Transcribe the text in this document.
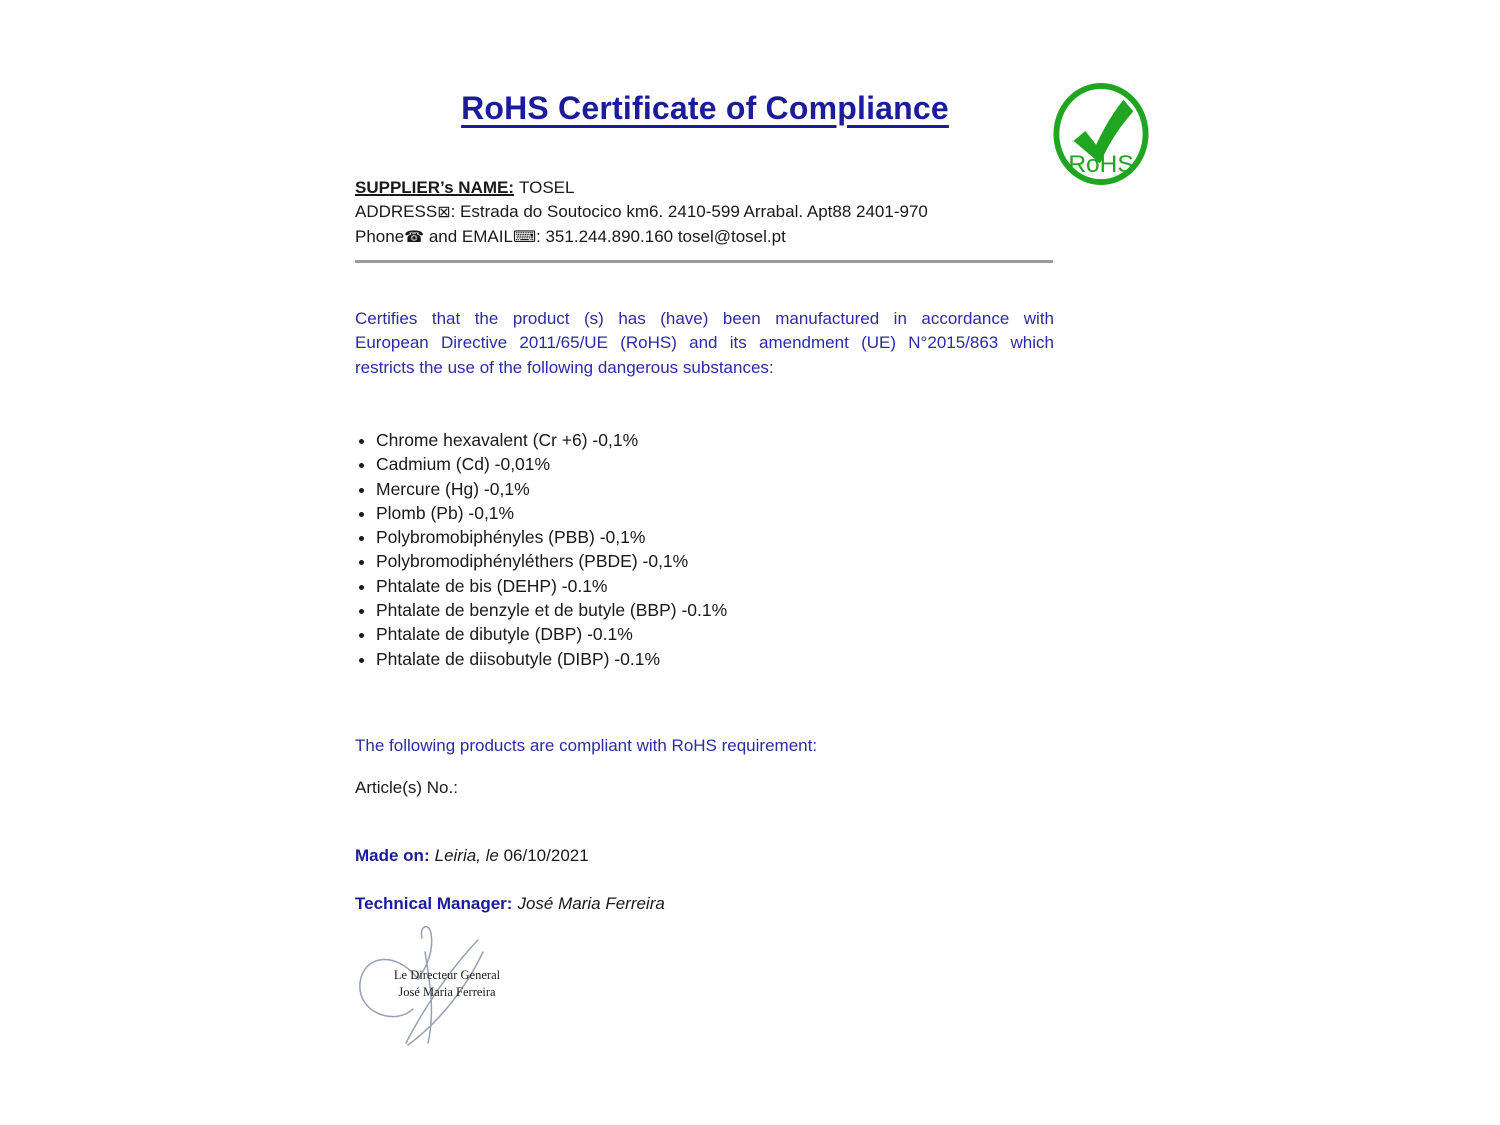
RoHS Certificate of Compliance
RoHS
SUPPLIER’s NAME: TOSEL
ADDRESS⊠: Estrada do Soutocico km6. 2410-599 Arrabal. Apt88 2401-970
Phone☎ and EMAIL⌨: 351.244.890.160 tosel@tosel.pt
Certifies that the product (s) has (have) been manufactured in accordance with
European Directive 2011/65/UE (RoHS) and its amendment (UE) N°2015/863 which
restricts the use of the following dangerous substances:
• Chrome hexavalent (Cr +6) -0,1%
• Cadmium (Cd) -0,01%
• Mercure (Hg) -0,1%
• Plomb (Pb) -0,1%
• Polybromobiphényles (PBB) -0,1%
• Polybromodiphényléthers (PBDE) -0,1%
• Phtalate de bis (DEHP) -0.1%
• Phtalate de benzyle et de butyle (BBP) -0.1%
• Phtalate de dibutyle (DBP) -0.1%
• Phtalate de diisobutyle (DIBP) -0.1%
The following products are compliant with RoHS requirement:
Article(s) No.:
Made on: Leiria, le 06/10/2021
Technical Manager: José Maria Ferreira
Le Directeur General
José Maria Ferreira
